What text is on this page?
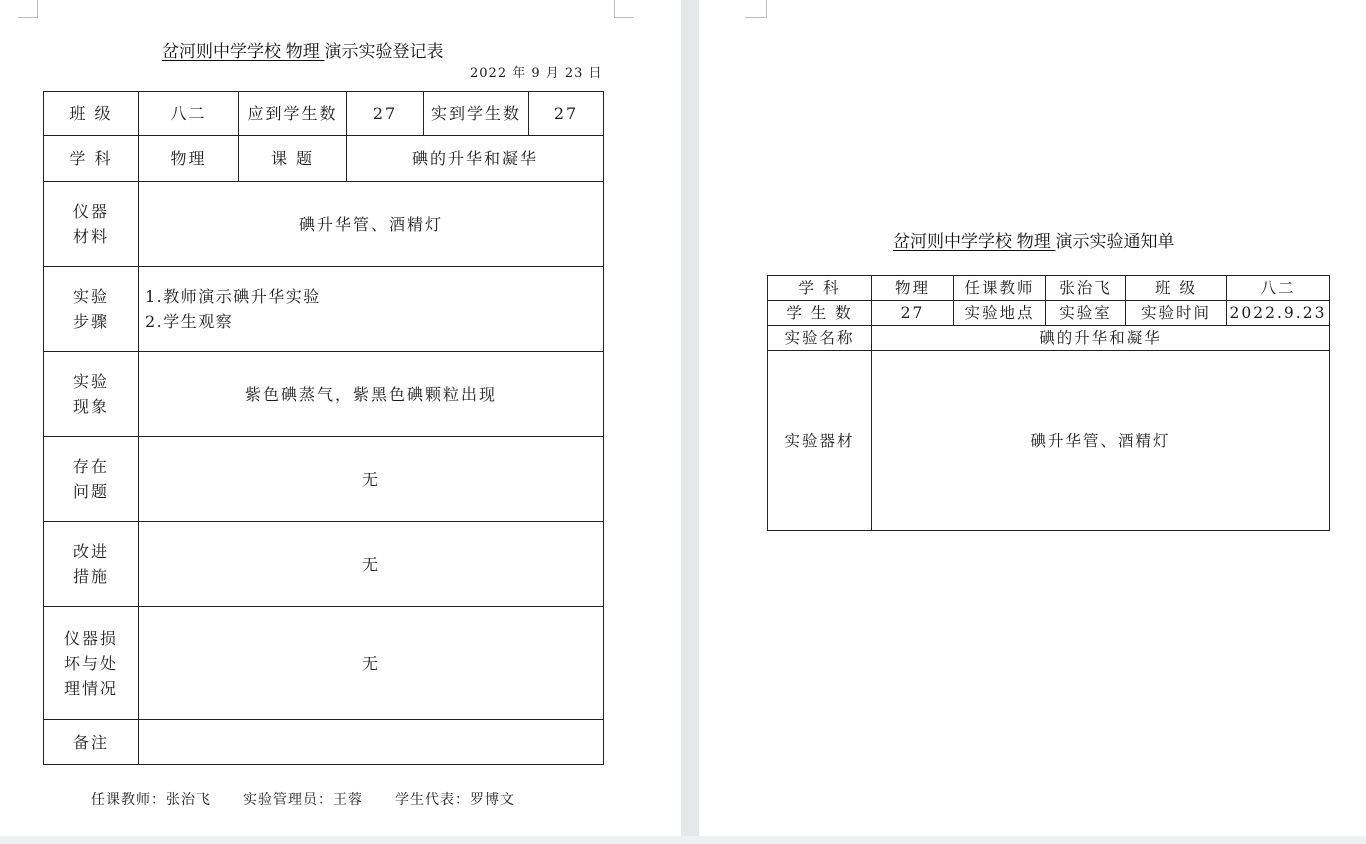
岔河则中学学校 物理 演示实验登记表
2022 年 9 月 23 日
班 级	八二	应到学生数	27	实到学生数	27
学 科	物理	课 题	碘的升华和凝华		
仪器
材料	碘升华管、酒精灯				
实验
步骤	1.教师演示碘升华实验
2.学生观察				
实验
现象	紫色碘蒸气，紫黑色碘颗粒出现				
存在
问题	无				
改进
措施	无				
仪器损
坏与处
理情况	无				
备注					
任课教师：张治飞 实验管理员：王蓉 学生代表：罗博文
岔河则中学学校 物理 演示实验通知单
学 科	物理	任课教师	张治飞	班 级	八二
学 生 数	27	实验地点	实验室	实验时间	2022.9.23
实验名称	碘的升华和凝华				
实验器材	碘升华管、酒精灯				
